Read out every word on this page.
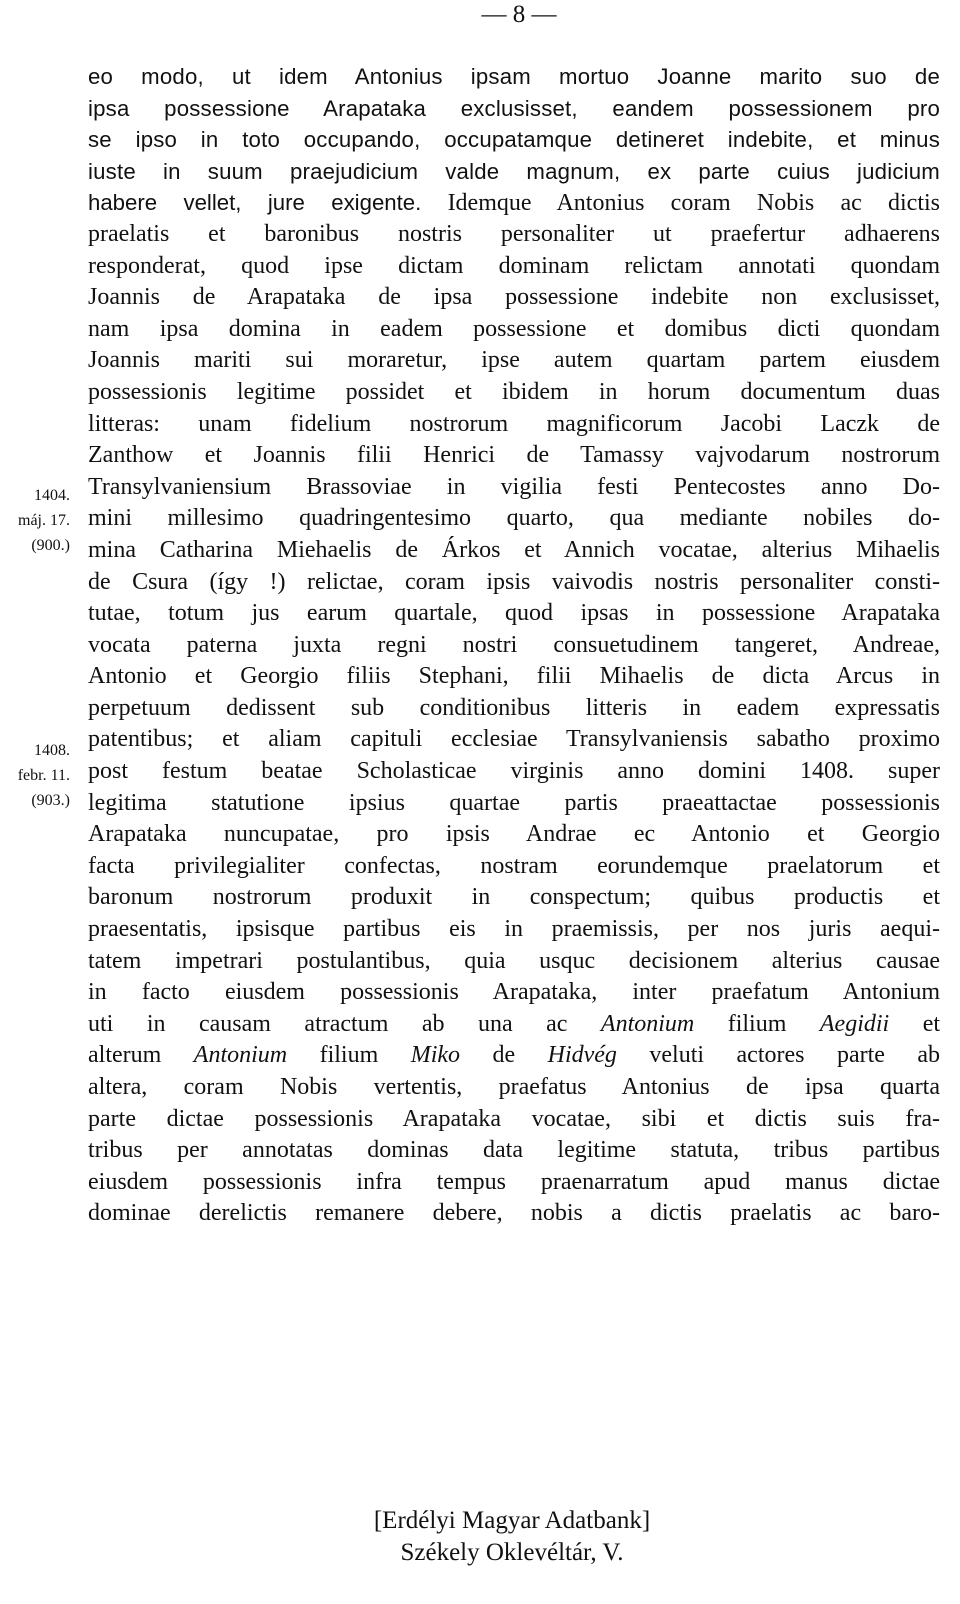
— 8 —
1404.
máj. 17.
(900.)
1408.
febr. 11.
(903.)
eo modo, ut idem Antonius ipsam mortuo Joanne marito suo de
ipsa possessione Arapataka exclusisset, eandem possessionem pro
se ipso in toto occupando, occupatamque detineret indebite, et minus
iuste in suum praejudicium valde magnum, ex parte cuius judicium
habere vellet, jure exigente. Idemque Antonius coram Nobis ac dictis
praelatis et baronibus nostris personaliter ut praefertur adhaerens
responderat, quod ipse dictam dominam relictam annotati quondam
Joannis de Arapataka de ipsa possessione indebite non exclusisset,
nam ipsa domina in eadem possessione et domibus dicti quondam
Joannis mariti sui moraretur, ipse autem quartam partem eiusdem
possessionis legitime possidet et ibidem in horum documentum duas
litteras: unam fidelium nostrorum magnificorum Jacobi Laczk de
Zanthow et Joannis filii Henrici de Tamassy vajvodarum nostrorum
Transylvaniensium Brassoviae in vigilia festi Pentecostes anno Do-
mini millesimo quadringentesimo quarto, qua mediante nobiles do-
mina Catharina Miehaelis de Árkos et Annich vocatae, alterius Mihaelis
de Csura (így !) relictae, coram ipsis vaivodis nostris personaliter consti-
tutae, totum jus earum quartale, quod ipsas in possessione Arapataka
vocata paterna juxta regni nostri consuetudinem tangeret, Andreae,
Antonio et Georgio filiis Stephani, filii Mihaelis de dicta Arcus in
perpetuum dedissent sub conditionibus litteris in eadem expressatis
patentibus; et aliam capituli ecclesiae Transylvaniensis sabatho proximo
post festum beatae Scholasticae virginis anno domini 1408. super
legitima statutione ipsius quartae partis praeattactae possessionis
Arapataka nuncupatae, pro ipsis Andrae ec Antonio et Georgio
facta privilegialiter confectas, nostram eorundemque praelatorum et
baronum nostrorum produxit in conspectum; quibus productis et
praesentatis, ipsisque partibus eis in praemissis, per nos juris aequi-
tatem impetrari postulantibus, quia usquc decisionem alterius causae
in facto eiusdem possessionis Arapataka, inter praefatum Antonium
uti in causam atractum ab una ac Antonium filium Aegidii et
alterum Antonium filium Miko de Hidvég veluti actores parte ab
altera, coram Nobis vertentis, praefatus Antonius de ipsa quarta
parte dictae possessionis Arapataka vocatae, sibi et dictis suis fra-
tribus per annotatas dominas data legitime statuta, tribus partibus
eiusdem possessionis infra tempus praenarratum apud manus dictae
dominae derelictis remanere debere, nobis a dictis praelatis ac baro-
[Erdélyi Magyar Adatbank]
Székely Oklevéltár, V.
